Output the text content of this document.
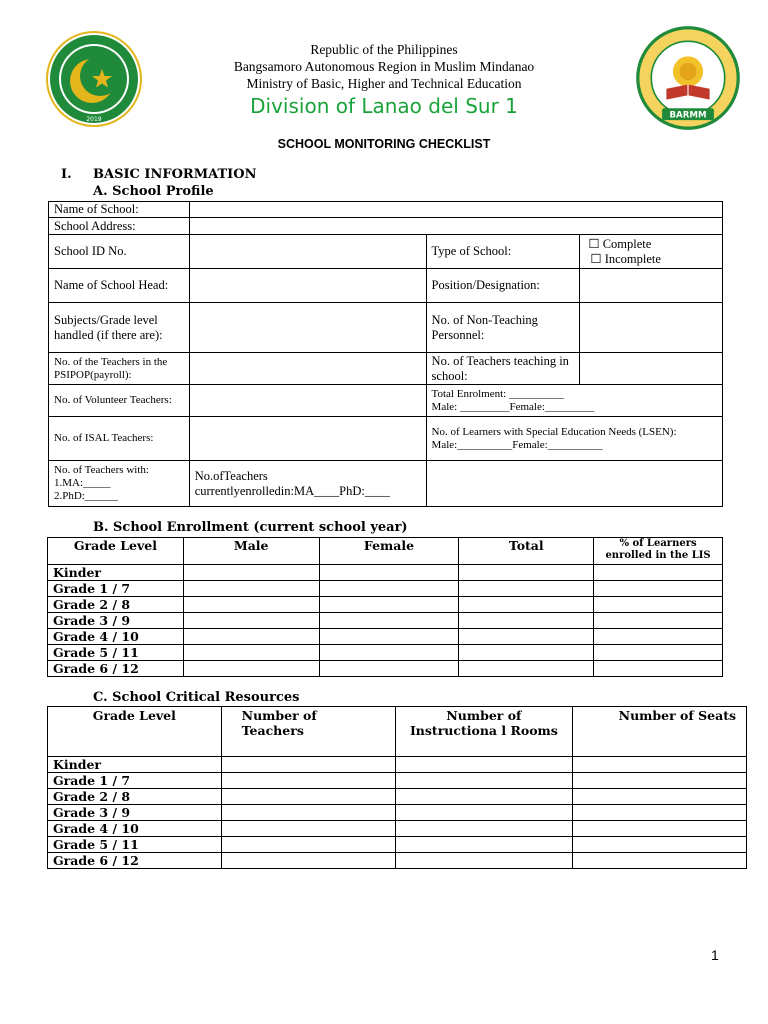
2019	BARMM
Republic of the Philippines
Bangsamoro Autonomous Region in Muslim Mindanao
Ministry of Basic, Higher and Technical Education
Division of Lanao del Sur 1
SCHOOL MONITORING CHECKLIST
I. BASIC INFORMATION
A. School Profile
Name of School:			
School Address:			
School ID No.		Type of School:	☐ Complete
☐ Incomplete

Name of School Head:		Position/Designation:	
Subjects/Grade level handled (if there are):		No. of Non-Teaching Personnel:	
No. of the Teachers in the PSIPOP(payroll):		No. of Teachers teaching in school:	
No. of Volunteer Teachers:		Total Enrolment: __________
Male: _________Female:_________	

No. of ISAL Teachers:		No. of Learners with Special Education Needs (LSEN):
Male:__________Female:__________	

No. of Teachers with:
1.MA:_____
2.PhD:______	No.ofTeachers currentlyenrolledin:MA____PhD:____		
B. School Enrollment (current school year)
Grade Level	Male	Female	Total	% of Learners enrolled in the LIS
Kinder				
Grade 1 / 7				
Grade 2 / 8				
Grade 3 / 9				
Grade 4 / 10				
Grade 5 / 11				
Grade 6 / 12				
C. School Critical Resources
Grade Level	Number of Teachers	Number of Instructiona l Rooms	Number of Seats
Kinder			
Grade 1 / 7			
Grade 2 / 8			
Grade 3 / 9			
Grade 4 / 10			
Grade 5 / 11			
Grade 6 / 12			
1
